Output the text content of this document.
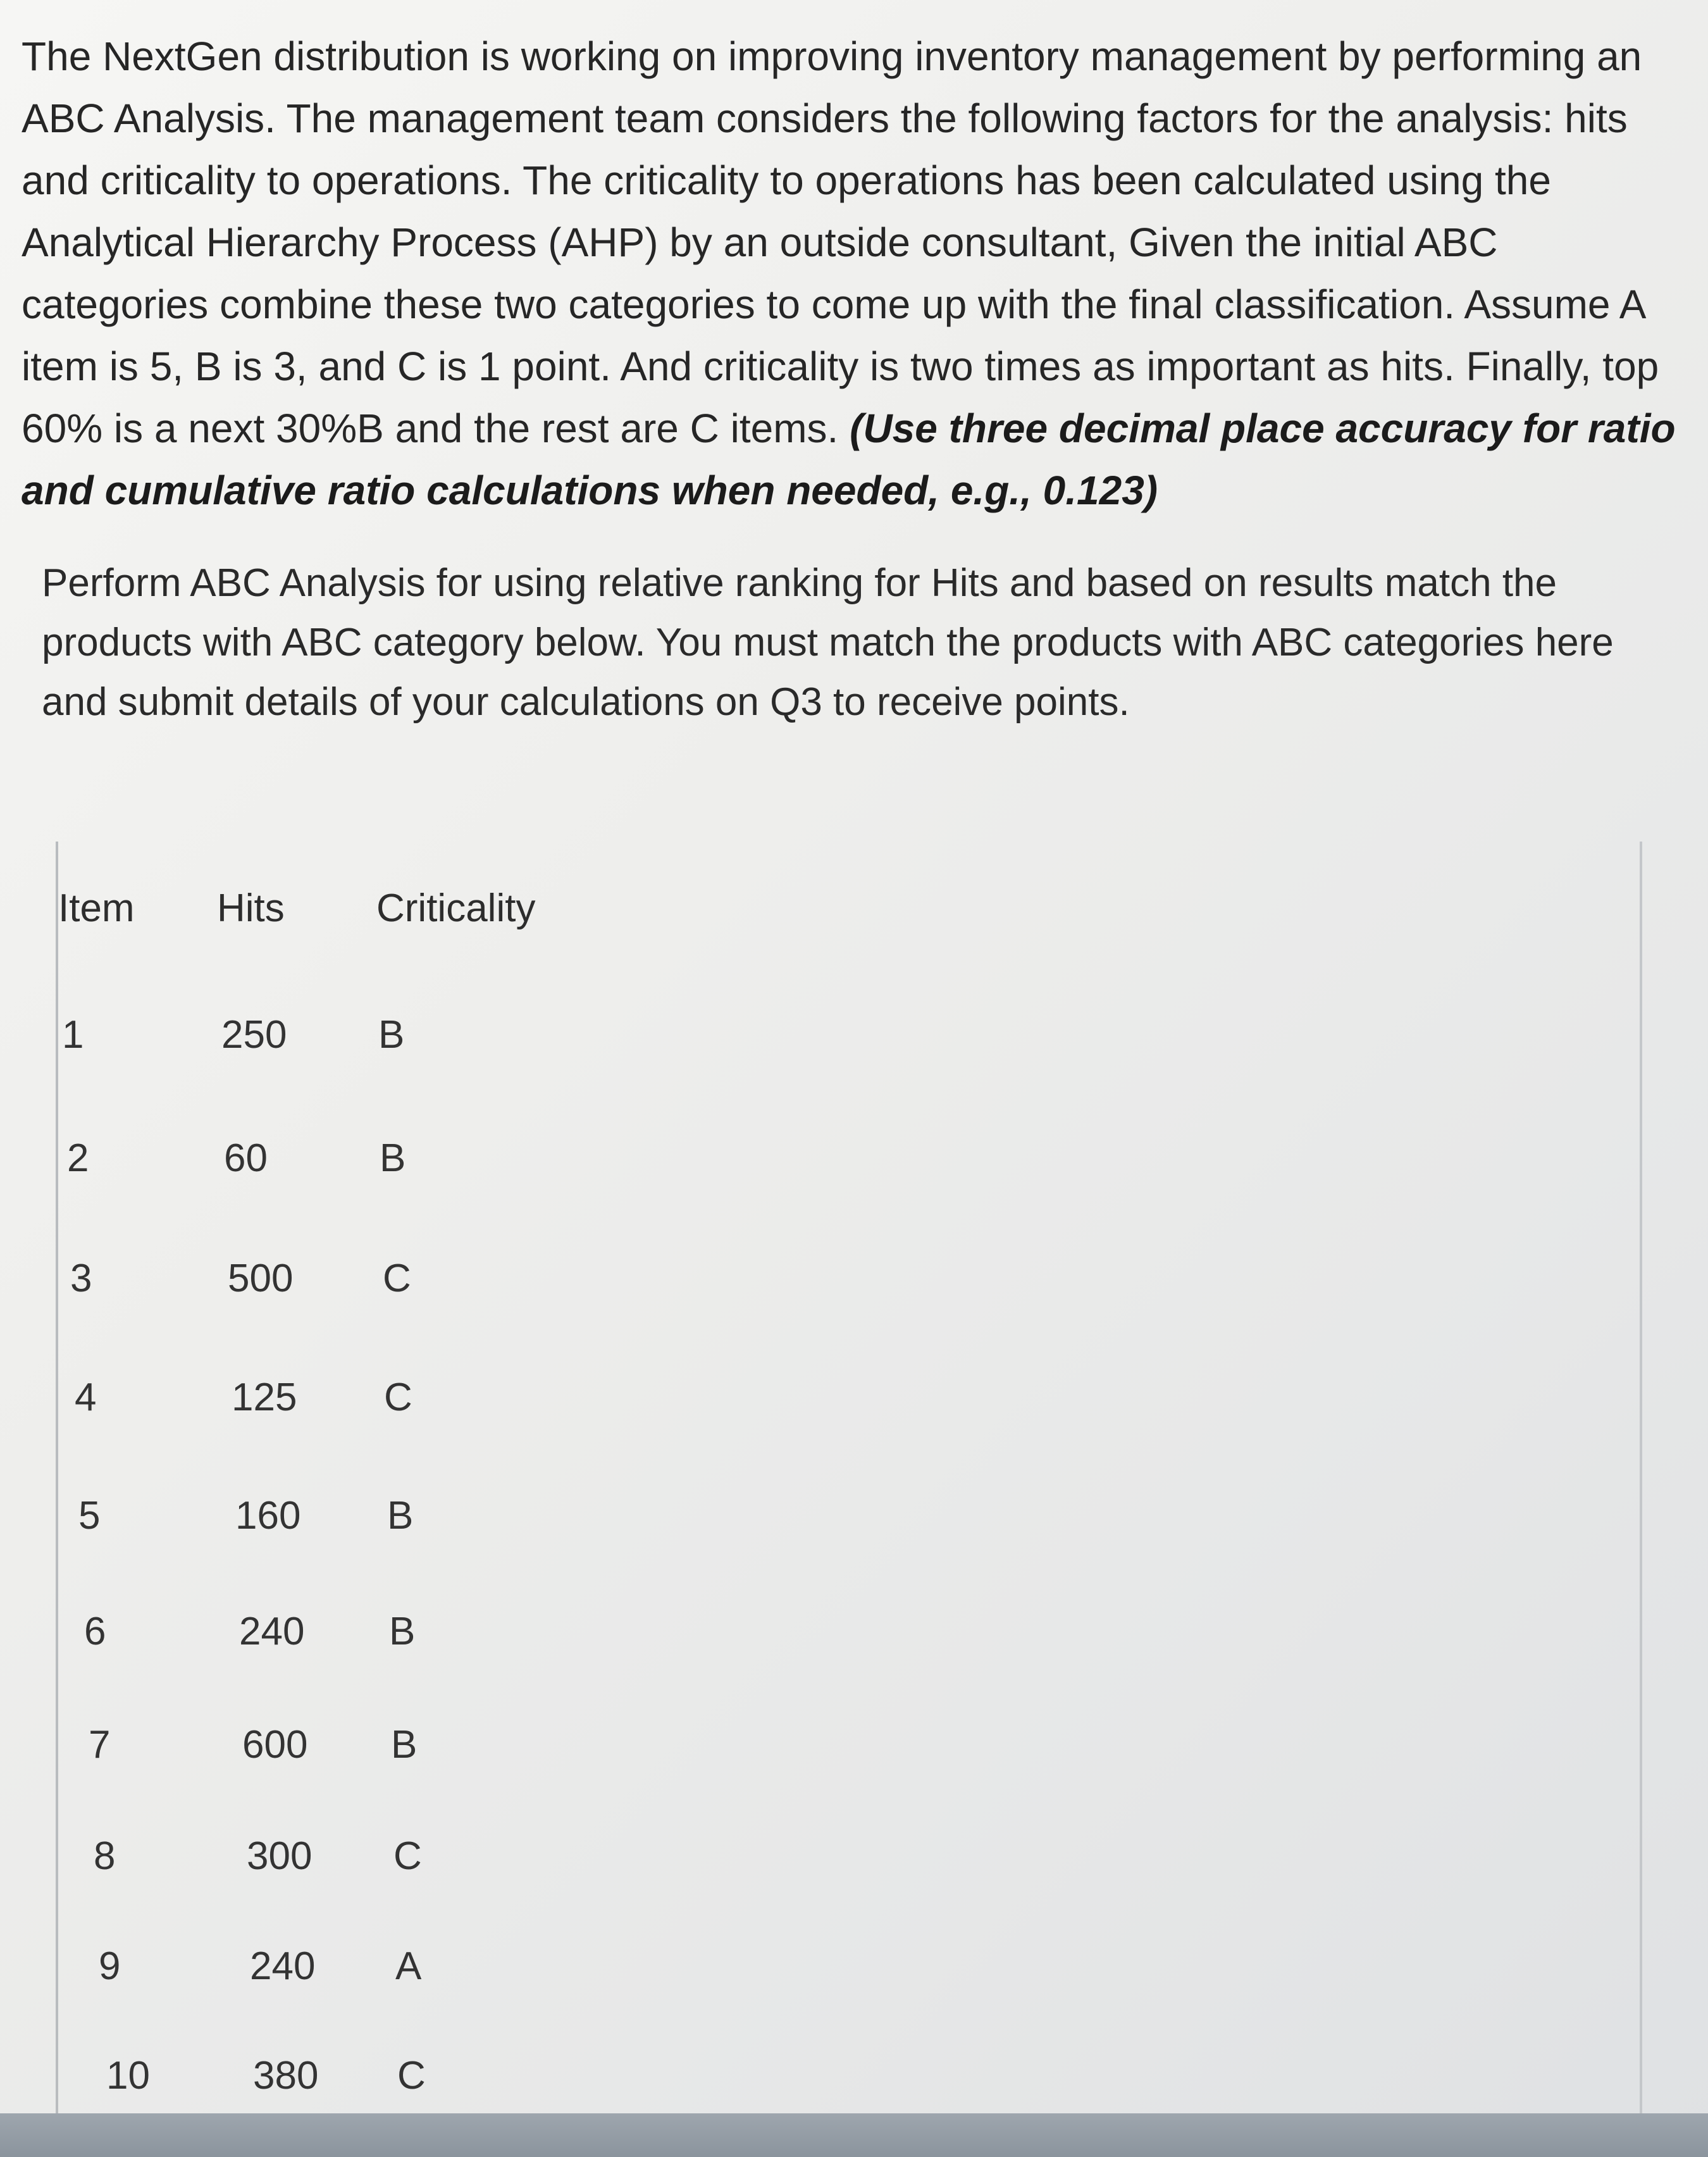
The NextGen distribution is working on improving inventory management by performing an ABC Analysis. The management team considers the following factors for the analysis: hits and criticality to operations. The criticality to operations has been calculated using the Analytical Hierarchy Process (AHP) by an outside consultant, Given the initial ABC categories combine these two categories to come up with the final classification. Assume A item is 5, B is 3, and C is 1 point. And criticality is two times as important as hits. Finally, top 60% is a next 30%B and the rest are C items. (Use three decimal place accuracy for ratio and cumulative ratio calculations when needed, e.g., 0.123)

Perform ABC Analysis for using relative ranking for Hits and based on results match the products with ABC category below. You must match the products with ABC categories here and submit details of your calculations on Q3 to receive points.

Item Hits Criticality
1	250 B
2	60	B
3	500 C
4	125 C
5	160 B
6	240 B
7	600 B
8	300 C
9	240 A
10	380 C
